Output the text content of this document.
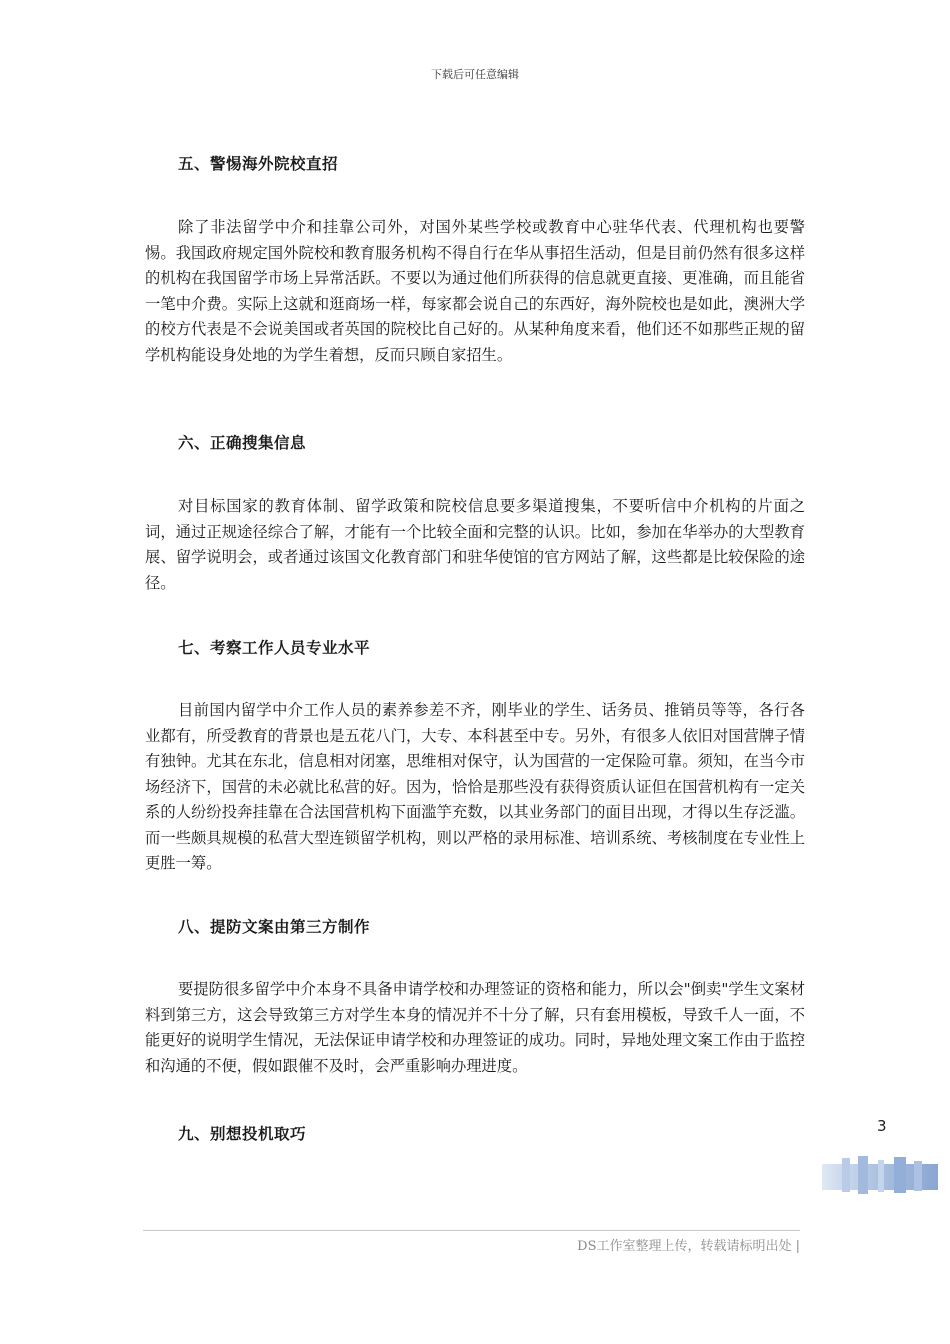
下载后可任意编辑
五、警惕海外院校直招

除了非法留学中介和挂靠公司外，对国外某些学校或教育中心驻华代表、代理机构也要警惕。我国政府规定国外院校和教育服务机构不得自行在华从事招生活动，但是目前仍然有很多这样的机构在我国留学市场上异常活跃。不要以为通过他们所获得的信息就更直接、更准确，而且能省一笔中介费。实际上这就和逛商场一样，每家都会说自己的东西好，海外院校也是如此，澳洲大学的校方代表是不会说美国或者英国的院校比自己好的。从某种角度来看，他们还不如那些正规的留学机构能设身处地的为学生着想，反而只顾自家招生。

六、正确搜集信息

对目标国家的教育体制、留学政策和院校信息要多渠道搜集，不要听信中介机构的片面之词，通过正规途径综合了解，才能有一个比较全面和完整的认识。比如，参加在华举办的大型教育展、留学说明会，或者通过该国文化教育部门和驻华使馆的官方网站了解，这些都是比较保险的途径。

七、考察工作人员专业水平

目前国内留学中介工作人员的素养参差不齐，刚毕业的学生、话务员、推销员等等，各行各业都有，所受教育的背景也是五花八门，大专、本科甚至中专。另外，有很多人依旧对国营牌子情有独钟。尤其在东北，信息相对闭塞，思维相对保守，认为国营的一定保险可靠。须知，在当今市场经济下，国营的未必就比私营的好。因为，恰恰是那些没有获得资质认证但在国营机构有一定关系的人纷纷投奔挂靠在合法国营机构下面滥竽充数，以其业务部门的面目出现，才得以生存泛滥。而一些颇具规模的私营大型连锁留学机构，则以严格的录用标准、培训系统、考核制度在专业性上更胜一筹。

八、提防文案由第三方制作

要提防很多留学中介本身不具备申请学校和办理签证的资格和能力，所以会"倒卖"学生文案材料到第三方，这会导致第三方对学生本身的情况并不十分了解，只有套用模板，导致千人一面，不能更好的说明学生情况，无法保证申请学校和办理签证的成功。同时，异地处理文案工作由于监控和沟通的不便，假如跟催不及时，会严重影响办理进度。

九、别想投机取巧	3
DS工作室整理上传，转载请标明出处 |
